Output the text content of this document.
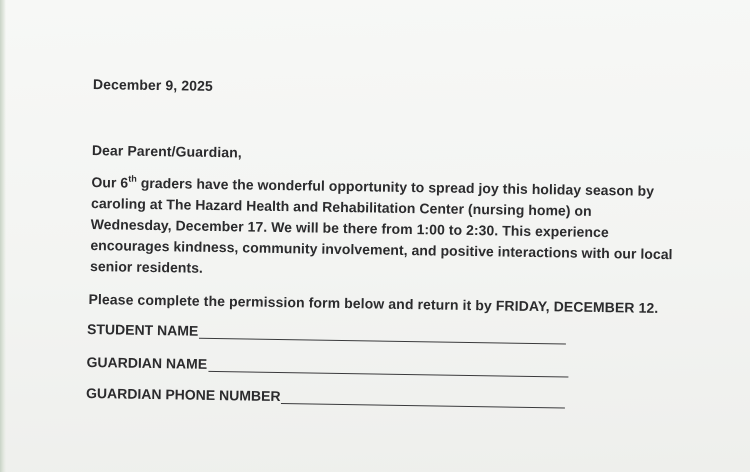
December 9, 2025
Dear Parent/Guardian,
Our 6th graders have the wonderful opportunity to spread joy this holiday season by caroling at The Hazard Health and Rehabilitation Center (nursing home) on Wednesday, December 17. We will be there from 1:00 to 2:30. This experience encourages kindness, community involvement, and positive interactions with our local senior residents.
Please complete the permission form below and return it by FRIDAY, DECEMBER 12.
STUDENT NAME
GUARDIAN NAME
GUARDIAN PHONE NUMBER
